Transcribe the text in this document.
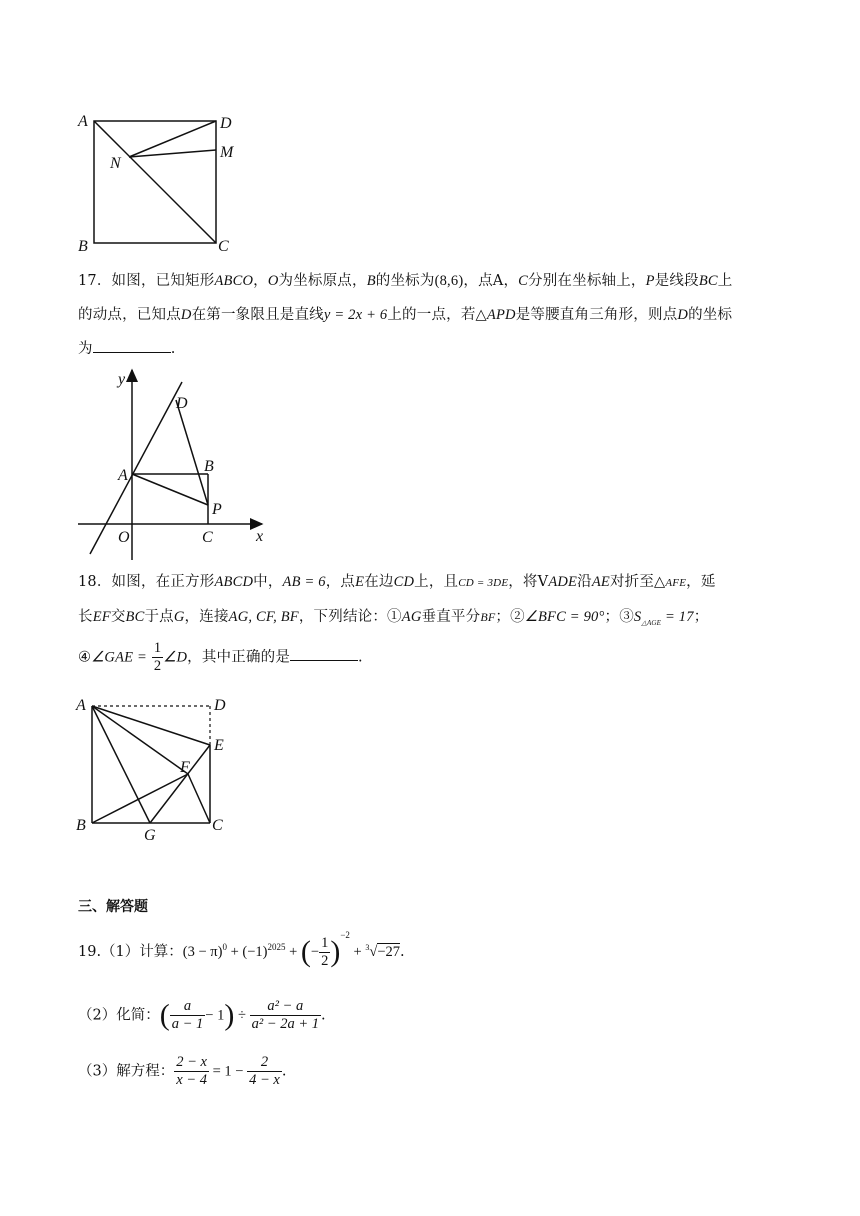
A	D
M
N
B	C
17．如图，已知矩形ABCO，O为坐标原点，B的坐标为(8,6)，点A，C分别在坐标轴上，P是线段BC上
的动点，已知点D在第一象限且是直线y = 2x + 6上的一点，若△APD是等腰直角三角形，则点D的坐标
为	.
y
x
D
A
B
P
O	C
18．如图，在正方形ABCD中，AB = 6，点E在边CD上，且CD = 3DE，将VADE沿AE对折至△AFE，延
长EF交BC于点G，连接AG, CF, BF，下列结论：①AG垂直平分BF；②∠BFC = 90°；$③S_{\triangle AGE} = 17$；
④∠GAE = $\frac{1}{2}$ ∠D，其中正确的是	.
A	D
E
F
B
G
C
三、解答题
19.（1）计算：$(3 - \pi)^0 + (-1)^{2025}$ + (− $\frac{1}{2} )^{-2} + ^3√-27$.
（2）化简：( $\frac{a}{a - 1} - 1) \div \frac{\text{a² − a}}{\text{a² − 2a + 1}}$ .
（3）解方程： $\frac{2 - x}{x - 4} = 1 - \frac{2}{4 - x}$ .
